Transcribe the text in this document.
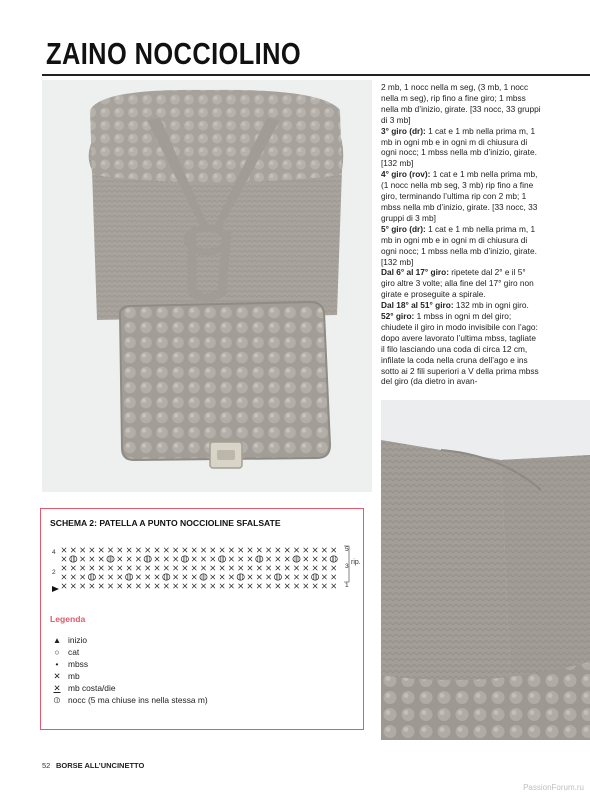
ZAINO NOCCIOLINO

2 mb, 1 nocc nella m seg, (3 mb, 1 nocc nella m seg), rip fino a fine giro; 1 mbss nella mb d’inizio, girate. [33 nocc, 33 gruppi di 3 mb]

3° giro (dr): 1 cat e 1 mb nella prima m, 1 mb in ogni mb e in ogni m di chiusura di ogni nocc; 1 mbss nella mb d’inizio, girate. [132 mb]

4° giro (rov): 1 cat e 1 mb nella prima mb, (1 nocc nella mb seg, 3 mb) rip fino a fine giro, terminando l’ultima rip con 2 mb; 1 mbss nella mb d’inizio, girate. [33 nocc, 33 gruppi di 3 mb]

5° giro (dr): 1 cat e 1 mb nella prima m, 1 mb in ogni mb e in ogni m di chiusura di ogni nocc; 1 mbss nella mb d’inizio, girate. [132 mb]

Dal 6° al 17° giro: ripetete dal 2° e il 5° giro altre 3 volte; alla fine del 17° giro non girate e proseguite a spirale.

Dal 18° al 51° giro: 132 mb in ogni giro.

52° giro: 1 mbss in ogni m del giro; chiudete il giro in modo invisibile con l’ago: dopo avere lavorato l’ultima mbss, tagliate il filo lasciando una coda di circa 12 cm, infilate la coda nella cruna dell’ago e ins sotto ai 2 fili superiori a V della prima mbss del giro (da dietro in avan-

SCHEMA 2: PATELLA A PUNTO NOCCIOLINE SFALSATE
4
2
5
3
1
rip.
Legenda
▲ inizio
○ cat
• mbss
✕ mb
✕ mb costa/die
⦶ nocc (5 ma chiuse ins nella stessa m)
52 BORSE ALL’UNCINETTO
PassionForum.ru
